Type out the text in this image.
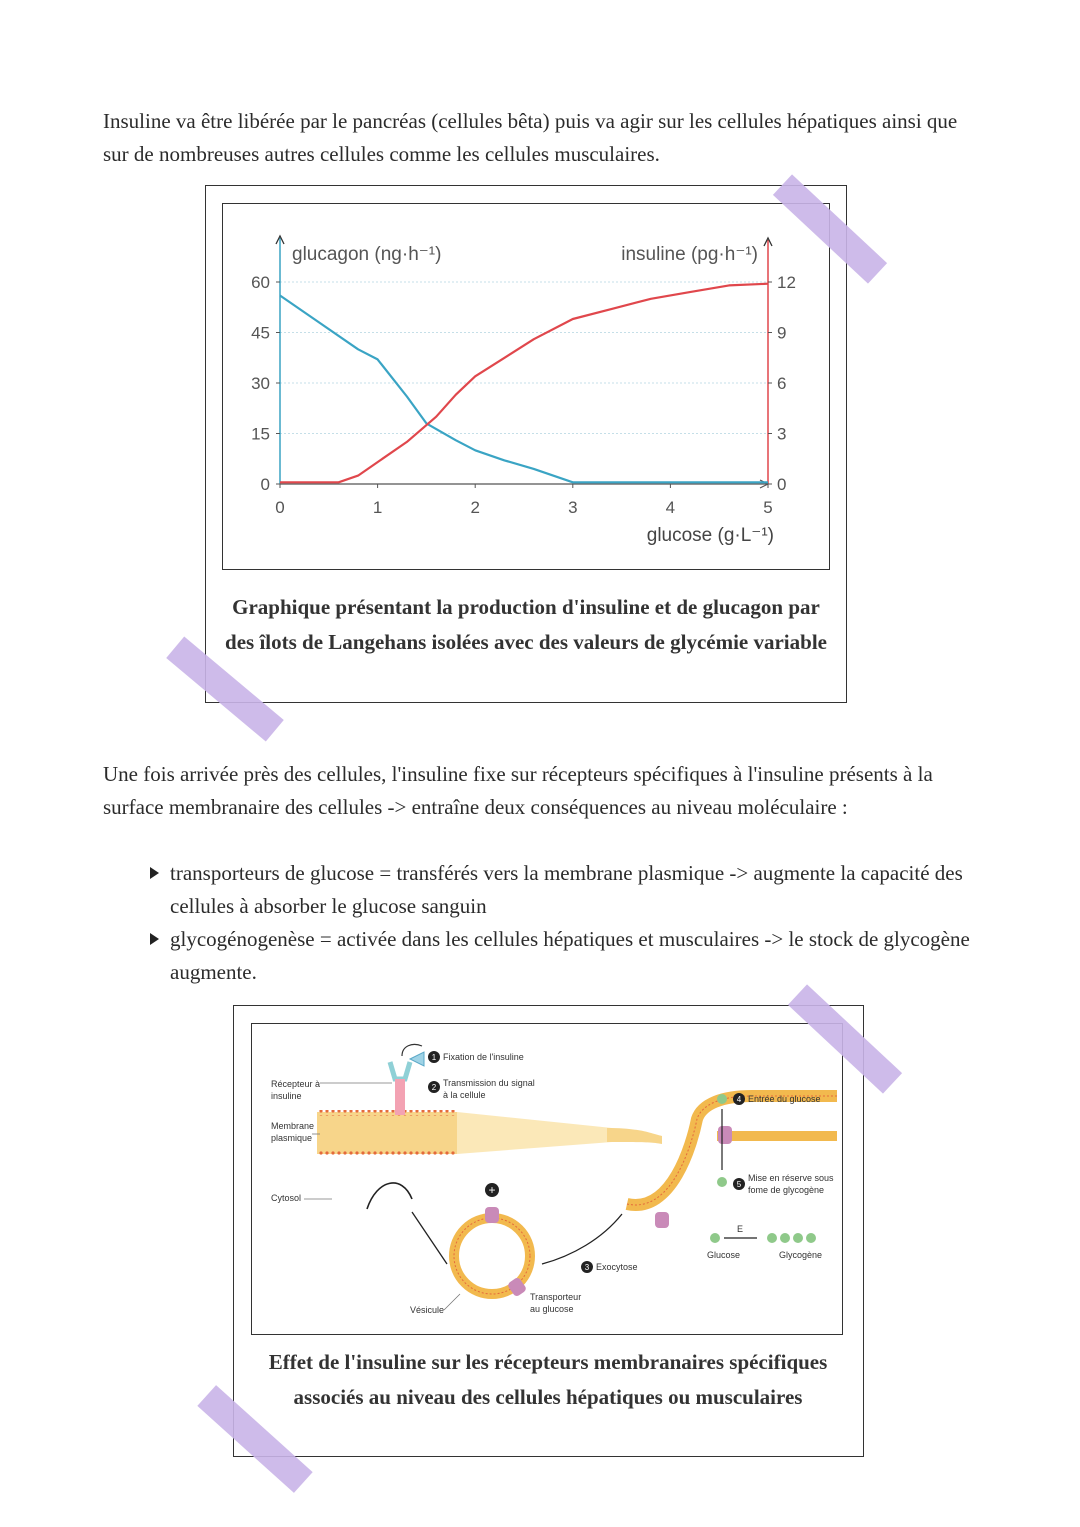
Insuline va être libérée par le pancréas (cellules bêta) puis va agir sur les cellules hépatiques ainsi que sur de nombreuses autres cellules comme les cellules musculaires.

0
15
30
45
60
0
3
6
9
12
0	1	2	3	4	5
glucagon (ng·h⁻¹)	insuline (pg·h⁻¹)
glucose (g·L⁻¹)
Graphique présentant la production d'insuline et de glucagon par des îlots de Langehans isolées avec des valeurs de glycémie variable

Une fois arrivée près des cellules, l'insuline fixe sur récepteurs spécifiques à l'insuline présents à la surface membranaire des cellules -> entraîne deux conséquences au niveau moléculaire :

transporteurs de glucose = transférés vers la membrane plasmique -> augmente la capacité des cellules à absorber le glucose sanguin
glycogénogenèse = activée dans les cellules hépatiques et musculaires -> le stock de glycogène augmente.
+
E
Récepteur à
insuline
Membrane
plasmique
Cytosol
Vésicule
Transporteur
au glucose
Glucose	Glycogène
1 Fixation de l'insuline
2 Transmission du signal
à la cellule
3 Exocytose
4 Entrée du glucose
5
Mise en réserve sous
fome de glycogène
Effet de l'insuline sur les récepteurs membranaires spécifiques associés au niveau des cellules hépatiques ou musculaires
